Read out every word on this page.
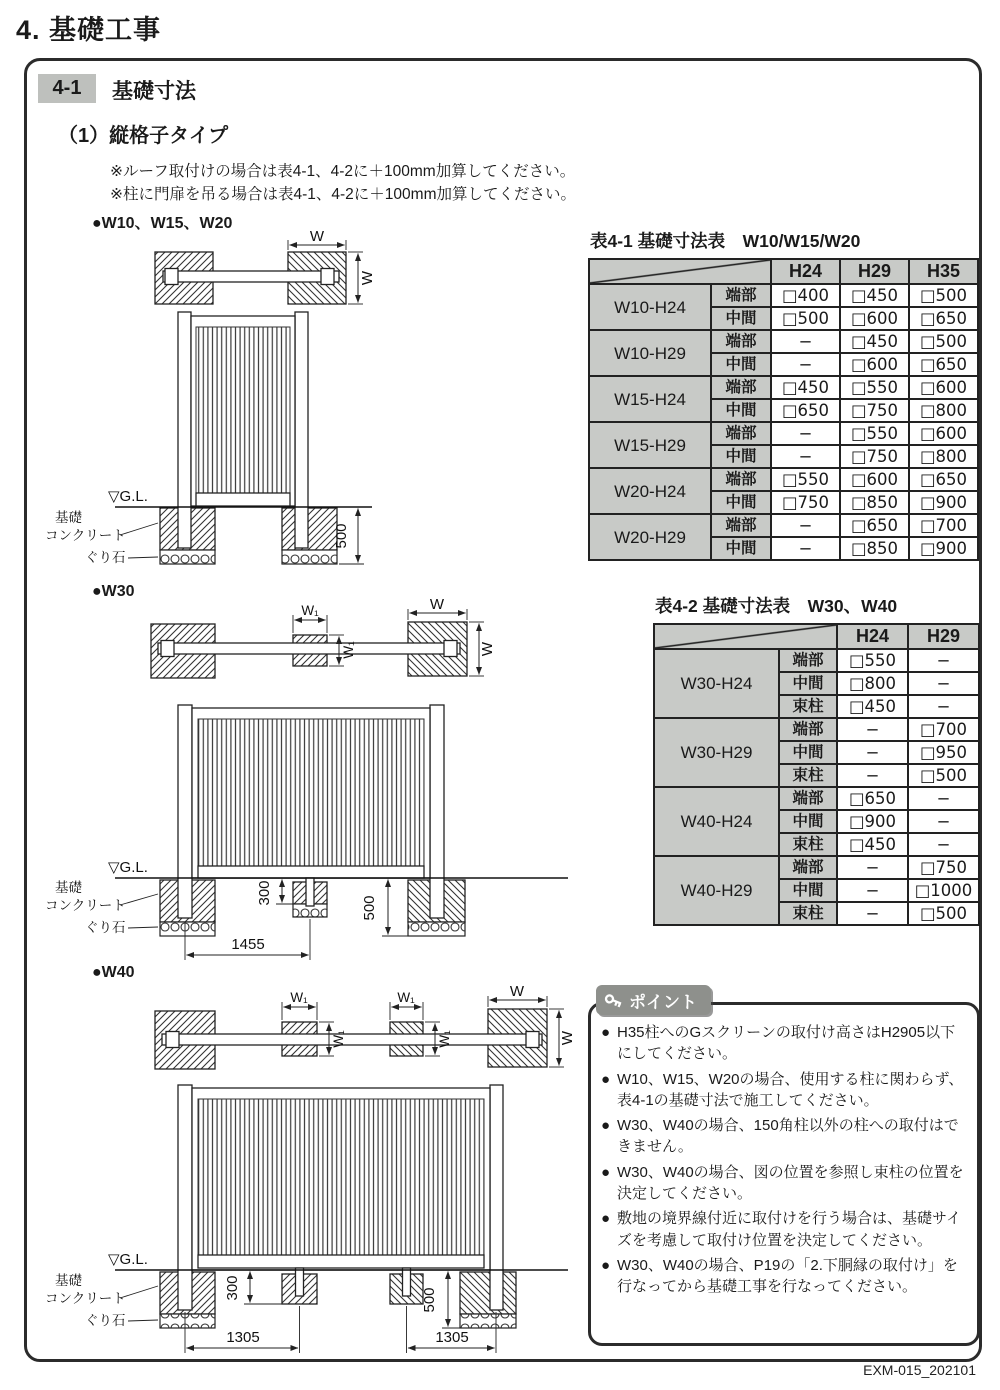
4. 基礎工事
4-1	基礎寸法
（1）縦格子タイプ
※ルーフ取付けの場合は表4-1、4-2に＋100mm加算してください。
※柱に門扉を吊る場合は表4-1、4-2に＋100mm加算してください。
●W10、W15、W20
●W30
●W40
W
W
▽G.L.
500
基礎
コンクリート
ぐり石
W₁
W₁
W
W
▽G.L.
300
500
1455
基礎
コンクリート
ぐり石
W₁
W₁
W₁
W₁
W
W
▽G.L.
300	500
1305	1305
基礎
コンクリート
ぐり石
表4-1 基礎寸法表　W10/W15/W20
		H24	H29	H35
W10-H24	端部	□400	□450	□500
	中間	□500	□600	□650
W10-H29	端部	−	□450	□500
	中間	−	□600	□650
W15-H24	端部	□450	□550	□600
	中間	□650	□750	□800
W15-H29	端部	−	□550	□600
	中間	−	□750	□800
W20-H24	端部	□550	□600	□650
	中間	□750	□850	□900
W20-H29	端部	−	□650	□700
	中間	−	□850	□900
表4-2 基礎寸法表　W30、W40
		H24	H29
W30-H24	端部	□550	−
	中間	□800	−
	束柱	□450	−
W30-H29	端部	−	□700
	中間	−	□950
	束柱	−	□500
W40-H24	端部	□650	−
	中間	□900	−
	束柱	□450	−
W40-H29	端部	−	□750
	中間	−	□1000
	束柱	−	□500
ポイント
● H35柱へのGスクリーンの取付け高さはH2905以下にしてください。
● W10、W15、W20の場合、使用する柱に関わらず、表4-1の基礎寸法で施工してください。
● W30、W40の場合、150角柱以外の柱への取付はできません。
● W30、W40の場合、図の位置を参照し束柱の位置を決定してください。
● 敷地の境界線付近に取付けを行う場合は、基礎サイズを考慮して取付け位置を決定してください。
● W30、W40の場合、P19の「2.下胴縁の取付け」を行なってから基礎工事を行なってください。
EXM-015_202101
